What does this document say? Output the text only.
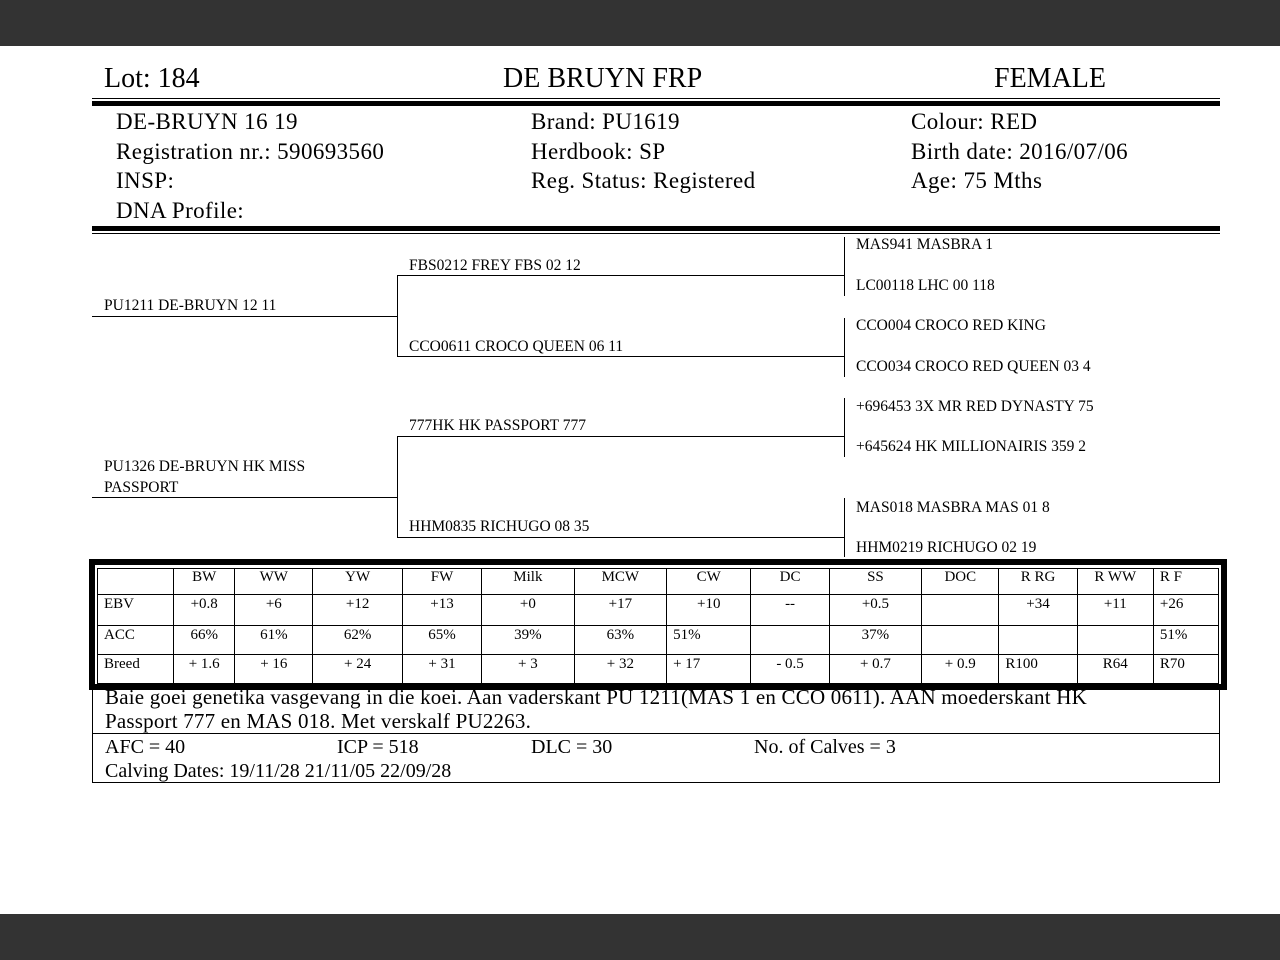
Lot: 184	DE BRUYN FRP	FEMALE
DE-BRUYN 16 19
Registration nr.: 590693560
INSP:
DNA Profile:
Brand: PU1619
Herdbook: SP
Reg. Status: Registered
Colour: RED
Birth date: 2016/07/06
Age: 75 Mths
PU1211 DE-BRUYN 12 11
PU1326 DE-BRUYN HK MISS
PASSPORT
FBS0212 FREY FBS 02 12
CCO0611 CROCO QUEEN 06 11
777HK HK PASSPORT 777
HHM0835 RICHUGO 08 35
MAS941 MASBRA 1
LC00118 LHC 00 118
CCO004 CROCO RED KING
CCO034 CROCO RED QUEEN 03 4
+696453 3X MR RED DYNASTY 75
+645624 HK MILLIONAIRIS 359 2
MAS018 MASBRA MAS 01 8
HHM0219 RICHUGO 02 19
	BW	WW	YW	FW	Milk	MCW	CW	DC	SS	DOC	R RG	R WW	R F
EBV	+0.8	+6	+12	+13	+0	+17	+10	--	+0.5		+34	+11	+26
ACC	66%	61%	62%	65%	39%	63%	51%		37%				51%
Breed	+ 1.6	+ 16	+ 24	+ 31	+ 3	+ 32	+ 17	- 0.5	+ 0.7	+ 0.9	R100	R64	R70
Baie goei genetika vasgevang in die koei. Aan vaderskant PU 1211(MAS 1 en CCO 0611). AAN moederskant HK
Passport 777 en MAS 018. Met verskalf PU2263.
AFC = 40	ICP = 518	DLC = 30	No. of Calves = 3
Calving Dates: 19/11/28 21/11/05 22/09/28
